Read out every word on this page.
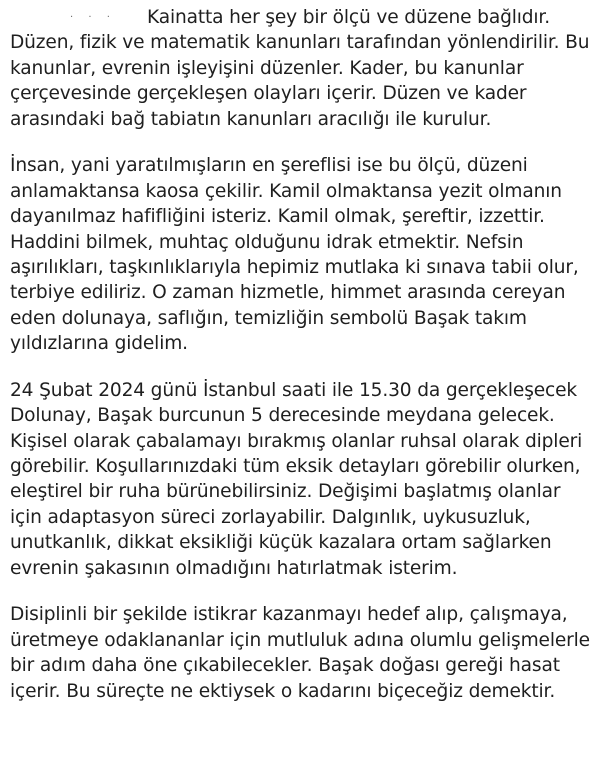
· · ·	Kainatta her şey bir ölçü ve düzene bağlıdır.
Düzen, fizik ve matematik kanunları tarafından yönlendirilir. Bu
kanunlar, evrenin işleyişini düzenler. Kader, bu kanunlar
çerçevesinde gerçekleşen olayları içerir. Düzen ve kader
arasındaki bağ tabiatın kanunları aracılığı ile kurulur.
İnsan, yani yaratılmışların en şereflisi ise bu ölçü, düzeni
anlamaktansa kaosa çekilir. Kamil olmaktansa yezit olmanın
dayanılmaz hafifliğini isteriz. Kamil olmak, şereftir, izzettir.
Haddini bilmek, muhtaç olduğunu idrak etmektir. Nefsin
aşırılıkları, taşkınlıklarıyla hepimiz mutlaka ki sınava tabii olur,
terbiye ediliriz. O zaman hizmetle, himmet arasında cereyan
eden dolunaya, saflığın, temizliğin sembolü Başak takım
yıldızlarına gidelim.
24 Şubat 2024 günü İstanbul saati ile 15.30 da gerçekleşecek
Dolunay, Başak burcunun 5 derecesinde meydana gelecek.
Kişisel olarak çabalamayı bırakmış olanlar ruhsal olarak dipleri
görebilir. Koşullarınızdaki tüm eksik detayları görebilir olurken,
eleştirel bir ruha bürünebilirsiniz. Değişimi başlatmış olanlar
için adaptasyon süreci zorlayabilir. Dalgınlık, uykusuzluk,
unutkanlık, dikkat eksikliği küçük kazalara ortam sağlarken
evrenin şakasının olmadığını hatırlatmak isterim.
Disiplinli bir şekilde istikrar kazanmayı hedef alıp, çalışmaya,
üretmeye odaklananlar için mutluluk adına olumlu gelişmelerle
bir adım daha öne çıkabilecekler. Başak doğası gereği hasat
içerir. Bu süreçte ne ektiysek o kadarını biçeceğiz demektir.
